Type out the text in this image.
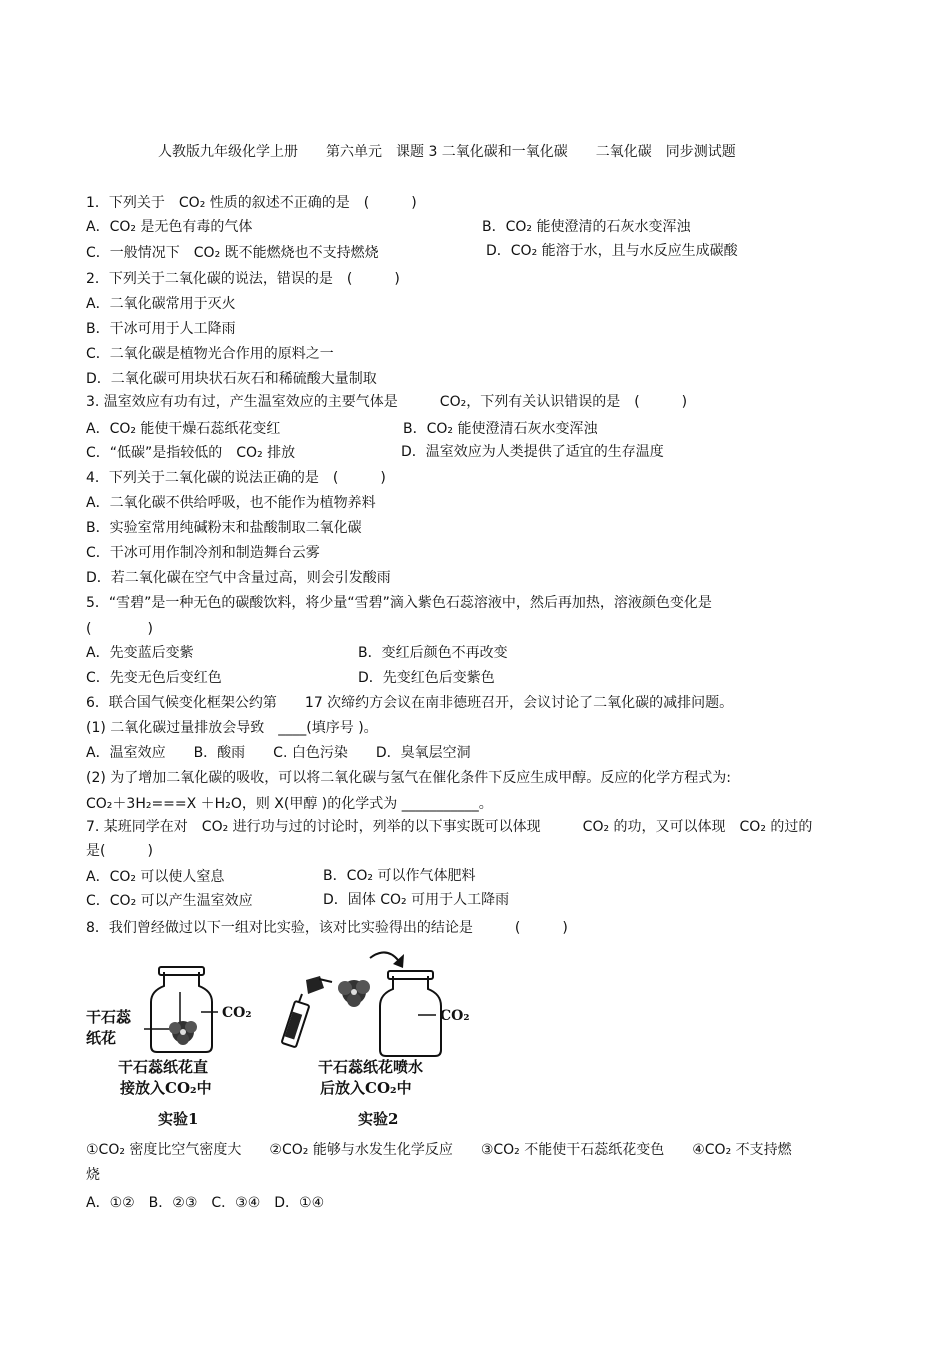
人教版九年级化学上册　　第六单元　课题 3 二氧化碳和一氧化碳　　二氧化碳　同步测试题
1．下列关于　CO₂ 性质的叙述不正确的是　(　　　)
A．CO₂ 是无色有毒的气体	B．CO₂ 能使澄清的石灰水变浑浊
C．一般情况下　CO₂ 既不能燃烧也不支持燃烧	D．CO₂ 能溶于水，且与水反应生成碳酸
2．下列关于二氧化碳的说法，错误的是　(　　　)
A．二氧化碳常用于灭火
B．干冰可用于人工降雨
C．二氧化碳是植物光合作用的原料之一
D．二氧化碳可用块状石灰石和稀硫酸大量制取
3. 温室效应有功有过，产生温室效应的主要气体是　　　CO₂，下列有关认识错误的是　(　　　)
A．CO₂ 能使干燥石蕊纸花变红	B．CO₂ 能使澄清石灰水变浑浊
C．“低碳”是指较低的　CO₂ 排放	D．温室效应为人类提供了适宜的生存温度
4．下列关于二氧化碳的说法正确的是　(　　　)
A．二氧化碳不供给呼吸，也不能作为植物养料
B．实验室常用纯碱粉末和盐酸制取二氧化碳
C．干冰可用作制冷剂和制造舞台云雾
D．若二氧化碳在空气中含量过高，则会引发酸雨
5．“雪碧”是一种无色的碳酸饮料，将少量“雪碧”滴入紫色石蕊溶液中，然后再加热，溶液颜色变化是
(　　　　)
A．先变蓝后变紫	B．变红后颜色不再改变
C．先变无色后变红色	D．先变红色后变紫色
6．联合国气候变化框架公约第　　17 次缔约方会议在南非德班召开，会议讨论了二氧化碳的减排问题。
(1) 二氧化碳过量排放会导致　____(填序号 )。
A．温室效应　　B．酸雨　　C. 白色污染　　D．臭氧层空洞
(2) 为了增加二氧化碳的吸收，可以将二氧化碳与氢气在催化条件下反应生成甲醇。反应的化学方程式为:
CO₂＋3H₂===X ＋H₂O，则 X(甲醇 )的化学式为 ___________。
7. 某班同学在对　CO₂ 进行功与过的讨论时，列举的以下事实既可以体现　　　CO₂ 的功，又可以体现　CO₂ 的过的
是(　　　)
A．CO₂ 可以使人窒息	B．CO₂ 可以作气体肥料
C．CO₂ 可以产生温室效应	D．固体 CO₂ 可用于人工降雨
8．我们曾经做过以下一组对比实验，该对比实验得出的结论是　　　(　　　)
干石蕊
纸花
CO₂	CO₂
干石蕊纸花直
接放入CO₂中
实验1
干石蕊纸花喷水
后放入CO₂中
实验2
①CO₂ 密度比空气密度大　　②CO₂ 能够与水发生化学反应　　③CO₂ 不能使干石蕊纸花变色　　④CO₂ 不支持燃
烧
A．①②　B．②③　C．③④　D．①④
